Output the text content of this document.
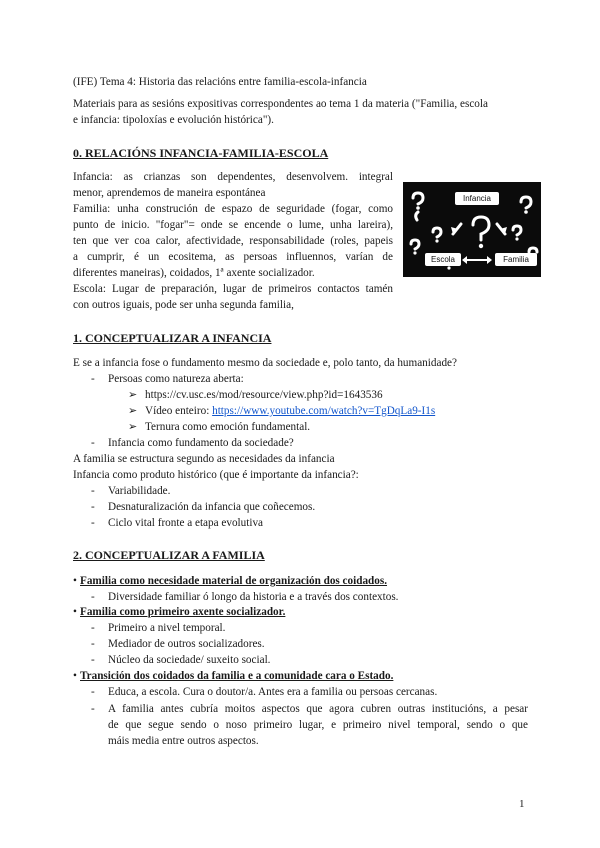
(IFE) Tema 4: Historia das relacións entre familia-escola-infancia
Materiais para as sesións expositivas correspondentes ao tema 1 da materia ("Familia, escola
e infancia: tipoloxías e evolución histórica").
0. RELACIÓNS INFANCIA-FAMILIA-ESCOLA
Infancia: as crianzas son dependentes, desenvolvem. integral
menor, aprendemos de maneira espontánea
Familia: unha construción de espazo de seguridade (fogar, como
punto de inicio. "fogar"= onde se encende o lume, unha lareira),
ten que ver coa calor, afectividade, responsabilidade (roles, papeis
a cumprir, é un ecositema, as persoas influennos, varían de
diferentes maneiras), coidados, 1ª axente socializador.
Escola: Lugar de preparación, lugar de primeiros contactos tamén
con outros iguais, pode ser unha segunda familia,
Infancia
Escola	Familia
1. CONCEPTUALIZAR A INFANCIA
E se a infancia fose o fundamento mesmo da sociedade e, polo tanto, da humanidade?
- Persoas como natureza aberta:
➢ https://cv.usc.es/mod/resource/view.php?id=1643536
➢ Vídeo enteiro: https://www.youtube.com/watch?v=TgDqLa9-I1s
➢ Ternura como emoción fundamental.
- Infancia como fundamento da sociedade?
A familia se estructura segundo as necesidades da infancia
Infancia como produto histórico (que é importante da infancia?:
- Variabilidade.
- Desnaturalización da infancia que coñecemos.
- Ciclo vital fronte a etapa evolutiva
2. CONCEPTUALIZAR A FAMILIA
• Familia como necesidade material de organización dos coidados.
- Diversidade familiar ó longo da historia e a través dos contextos.
• Familia como primeiro axente socializador.
- Primeiro a nivel temporal.
- Mediador de outros socializadores.
- Núcleo da sociedade/ suxeito social.
• Transición dos coidados da familia e a comunidade cara o Estado.
- Educa, a escola. Cura o doutor/a. Antes era a familia ou persoas cercanas.
- A familia antes cubría moitos aspectos que agora cubren outras institucións, a pesar
de que segue sendo o noso primeiro lugar, e primeiro nivel temporal, sendo o que
máis media entre outros aspectos.
1
